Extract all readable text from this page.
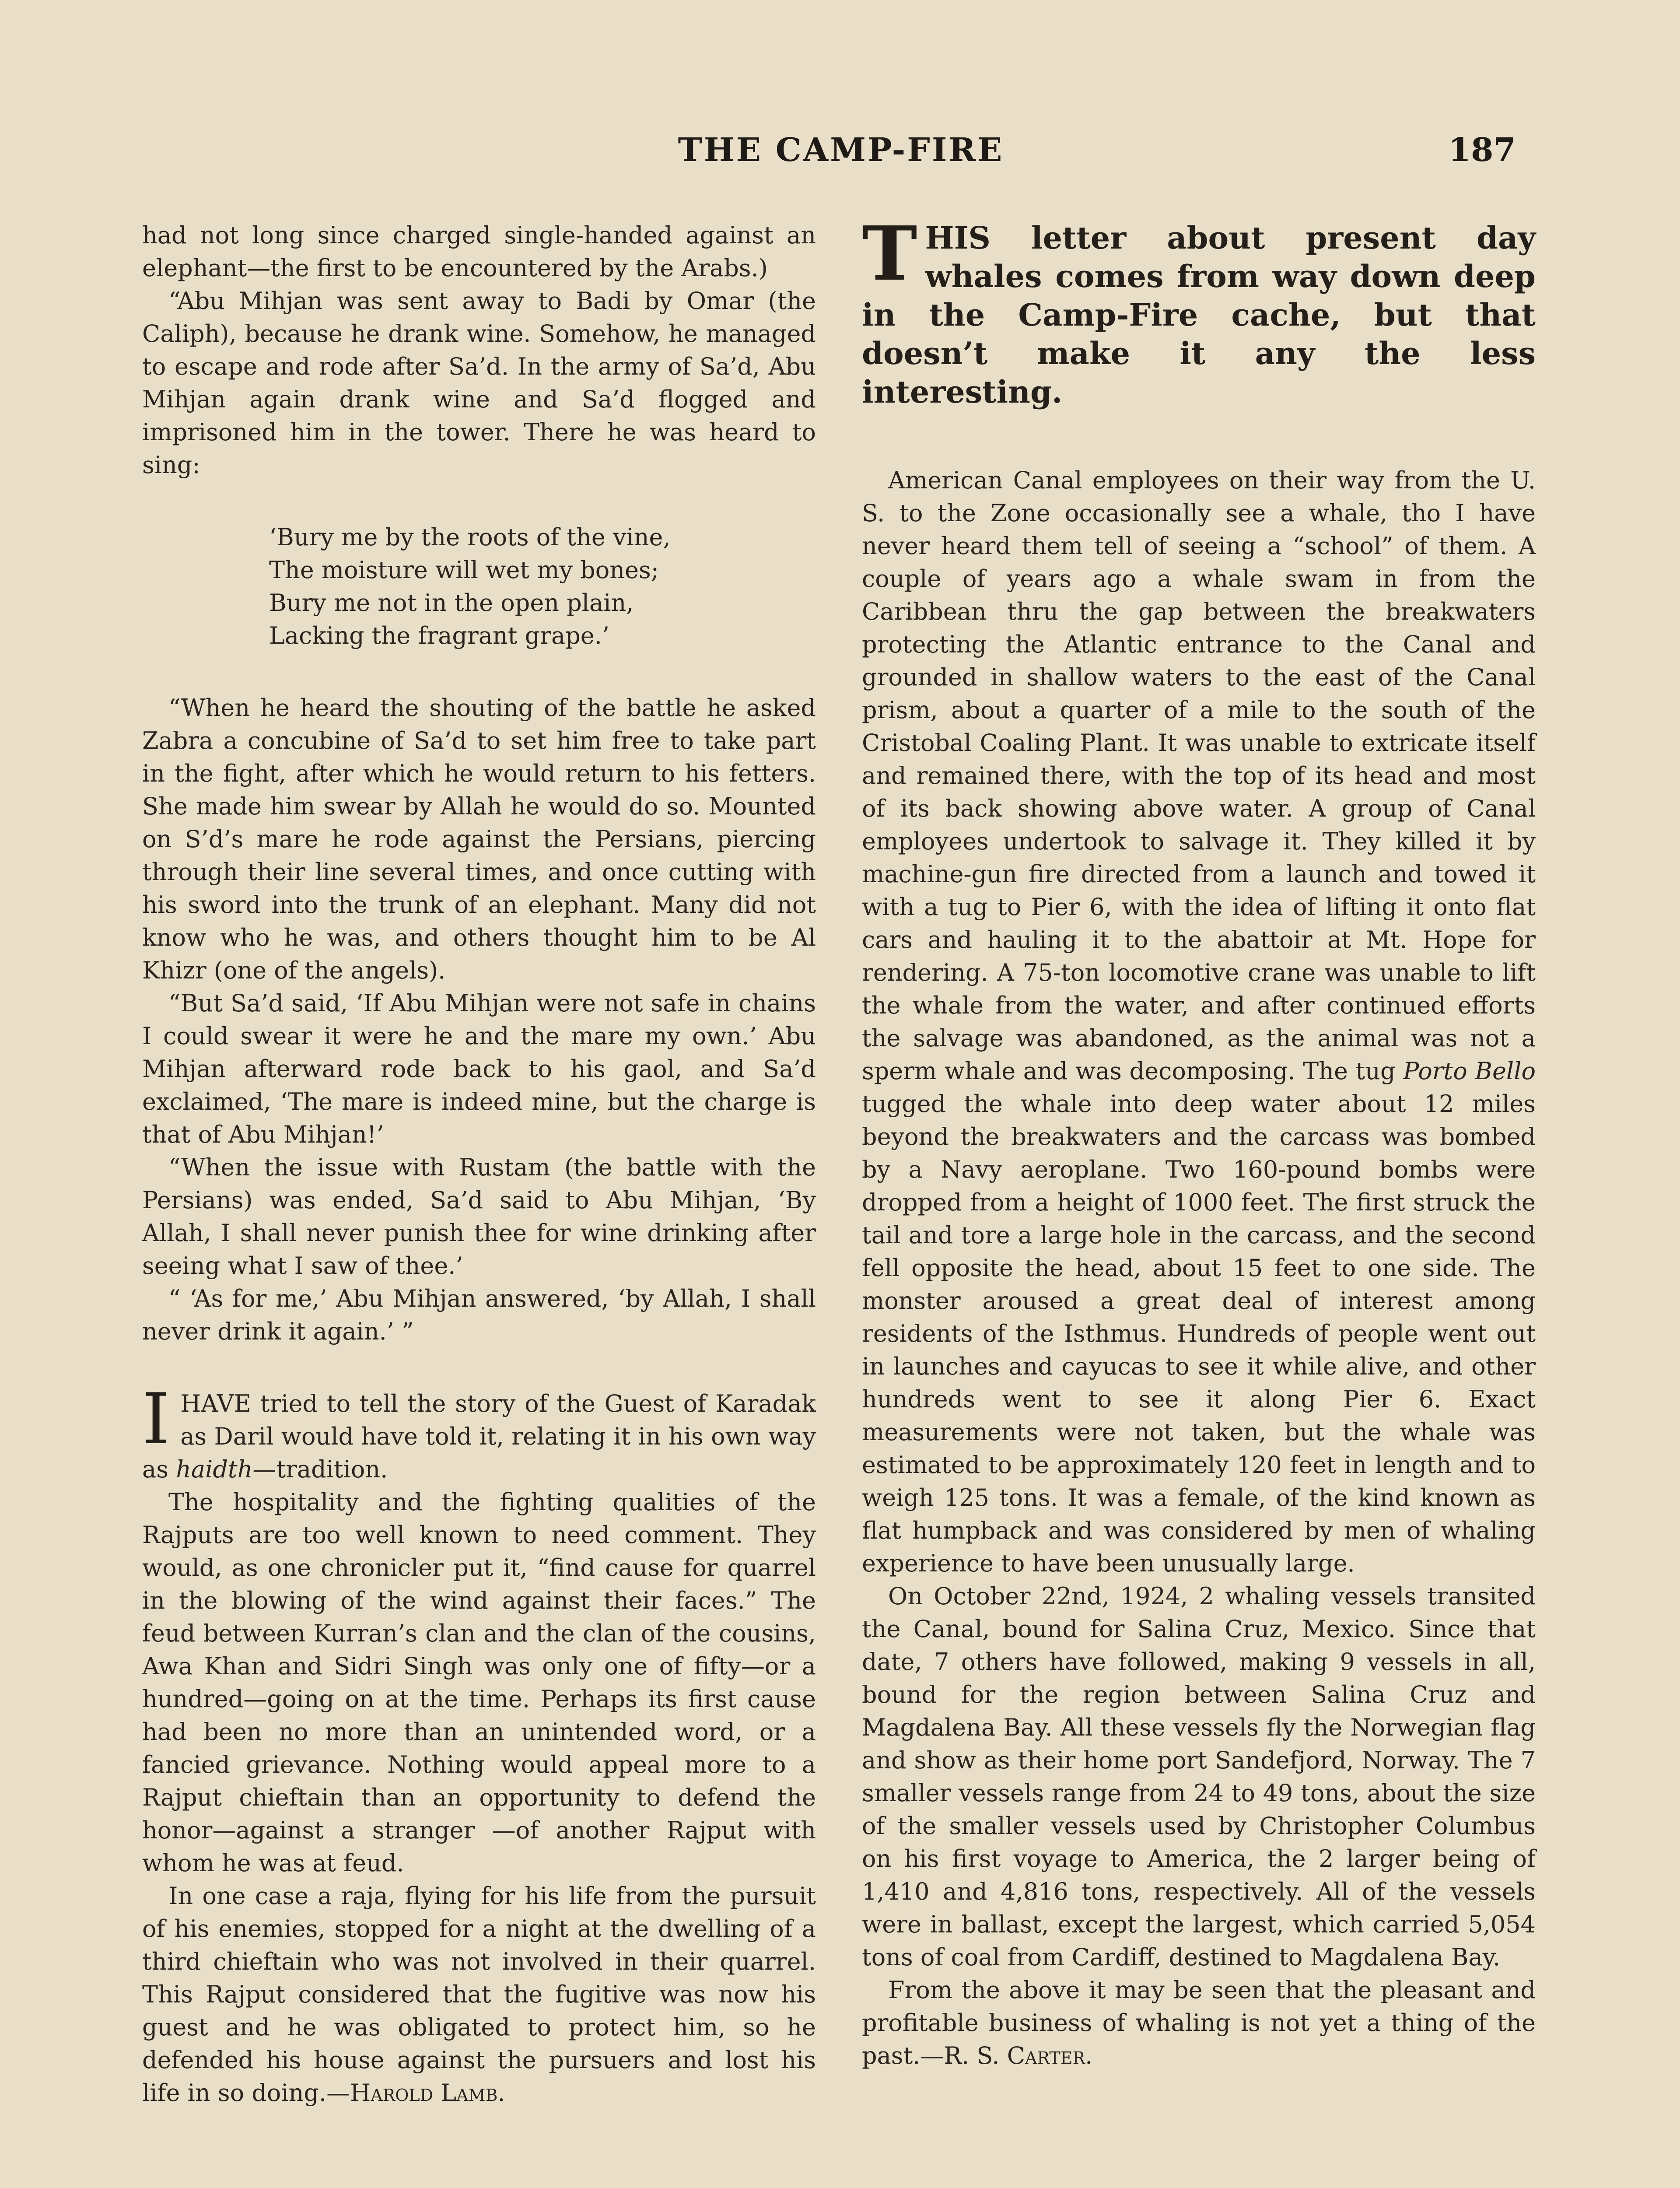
THE CAMP-FIRE	187

had not long since charged single-handed against an elephant—the first to be encountered by the Arabs.)

“Abu Mihjan was sent away to Badi by Omar (the Caliph), because he drank wine. Somehow, he managed to escape and rode after Sa’d. In the army of Sa’d, Abu Mihjan again drank wine and Sa’d flogged and imprisoned him in the tower. There he was heard to sing:

‘Bury me by the roots of the vine,
The moisture will wet my bones;
Bury me not in the open plain,
Lacking the fragrant grape.’

“When he heard the shouting of the battle he asked Zabra a concubine of Sa’d to set him free to take part in the fight, after which he would return to his fetters. She made him swear by Allah he would do so. Mounted on S’d’s mare he rode against the Persians, piercing through their line several times, and once cutting with his sword into the trunk of an elephant. Many did not know who he was, and others thought him to be Al Khizr (one of the angels).

“But Sa’d said, ‘If Abu Mihjan were not safe in chains I could swear it were he and the mare my own.’ Abu Mihjan afterward rode back to his gaol, and Sa’d exclaimed, ‘The mare is indeed mine, but the charge is that of Abu Mihjan!’

“When the issue with Rustam (the battle with the Persians) was ended, Sa’d said to Abu Mihjan, ‘By Allah, I shall never punish thee for wine drinking after seeing what I saw of thee.’

“ ‘As for me,’ Abu Mihjan answered, ‘by Allah, I shall never drink it again.’ ”

IHAVE tried to tell the story of the Guest of Karadak as Daril would have told it, relating it in his own way as haidth—tradition.

The hospitality and the fighting qualities of the Rajputs are too well known to need comment. They would, as one chronicler put it, “find cause for quarrel in the blowing of the wind against their faces.” The feud between Kurran’s clan and the clan of the cousins, Awa Khan and Sidri Singh was only one of fifty—or a hundred—going on at the time. Perhaps its first cause had been no more than an unintended word, or a fancied grievance. Nothing would appeal more to a Rajput chieftain than an opportunity to defend the honor—against a stranger —of another Rajput with whom he was at feud.

In one case a raja, flying for his life from the pursuit of his enemies, stopped for a night at the dwelling of a third chieftain who was not involved in their quarrel. This Rajput considered that the fugitive was now his guest and he was obligated to protect him, so he defended his house against the pursuers and lost his life in so doing.—Harold Lamb.

THIS letter about present day whales comes from way down deep in the Camp-Fire cache, but that doesn’t make it any the less interesting.

American Canal employees on their way from the U. S. to the Zone occasionally see a whale, tho I have never heard them tell of seeing a “school” of them. A couple of years ago a whale swam in from the Caribbean thru the gap between the breakwaters protecting the Atlantic entrance to the Canal and grounded in shallow waters to the east of the Canal prism, about a quarter of a mile to the south of the Cristobal Coaling Plant. It was unable to extricate itself and remained there, with the top of its head and most of its back showing above water. A group of Canal employees undertook to salvage it. They killed it by machine-gun fire directed from a launch and towed it with a tug to Pier 6, with the idea of lifting it onto flat cars and hauling it to the abattoir at Mt. Hope for rendering. A 75-ton locomotive crane was unable to lift the whale from the water, and after continued efforts the salvage was abandoned, as the animal was not a sperm whale and was decomposing. The tug Porto Bello tugged the whale into deep water about 12 miles beyond the breakwaters and the carcass was bombed by a Navy aeroplane. Two 160-pound bombs were dropped from a height of 1000 feet. The first struck the tail and tore a large hole in the carcass, and the second fell opposite the head, about 15 feet to one side. The monster aroused a great deal of interest among residents of the Isthmus. Hundreds of people went out in launches and cayucas to see it while alive, and other hundreds went to see it along Pier 6. Exact measurements were not taken, but the whale was estimated to be approximately 120 feet in length and to weigh 125 tons. It was a female, of the kind known as flat humpback and was considered by men of whaling experience to have been unusually large.

On October 22nd, 1924, 2 whaling vessels transited the Canal, bound for Salina Cruz, Mexico. Since that date, 7 others have followed, making 9 vessels in all, bound for the region between Salina Cruz and Magdalena Bay. All these vessels fly the Norwegian flag and show as their home port Sandefjord, Norway. The 7 smaller vessels range from 24 to 49 tons, about the size of the smaller vessels used by Christopher Columbus on his first voyage to America, the 2 larger being of 1,410 and 4,816 tons, respectively. All of the vessels were in ballast, except the largest, which carried 5,054 tons of coal from Cardiff, destined to Magdalena Bay.

From the above it may be seen that the pleasant and profitable business of whaling is not yet a thing of the past.—R. S. Carter.
